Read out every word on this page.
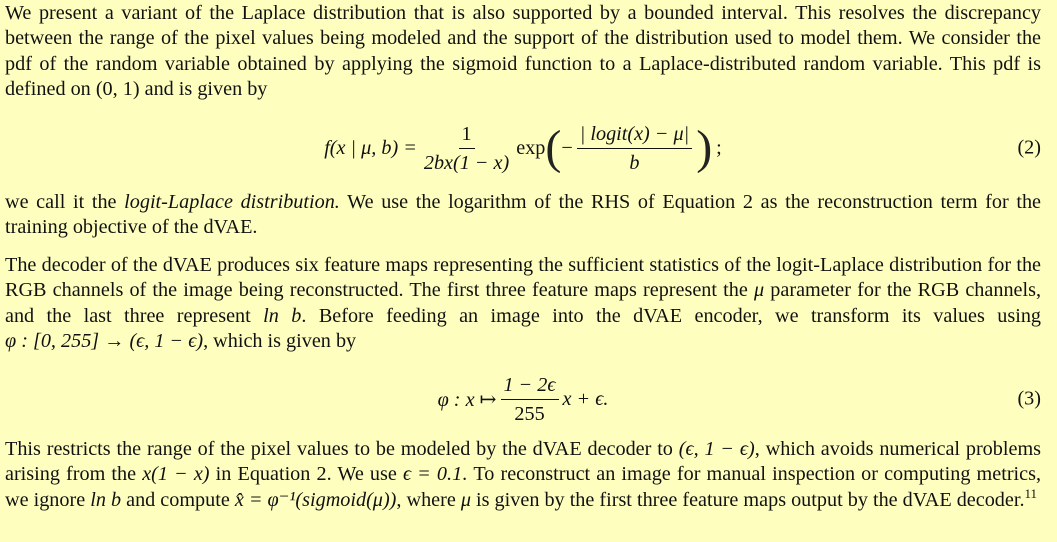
We present a variant of the Laplace distribution that is also supported by a bounded interval. This resolves the discrepancy between the range of the pixel values being modeled and the support of the distribution used to model them. We consider the pdf of the random variable obtained by applying the sigmoid function to a Laplace-distributed random variable. This pdf is defined on (0, 1) and is given by

f(x | μ, $b) = \frac{1}{2bx(1 - x)}$ exp ( − $\frac{\text{| logit(x) − μ|}}{b}$ ) ;	(2)

we call it the logit-Laplace distribution. We use the logarithm of the RHS of Equation 2 as the reconstruction term for the training objective of the dVAE.

The decoder of the dVAE produces six feature maps representing the sufficient statistics of the logit-Laplace distribution for the RGB channels of the image being reconstructed. The first three feature maps represent the μ parameter for the RGB channels, and the last three represent ln b. Before feeding an image into the dVAE encoder, we transform its values using φ : [0, 255] → (ϵ, 1 − ϵ), which is given by

φ : x ↦ $\frac{1 - 2\epsilon}{255}$ x + ϵ.	(3)

This restricts the range of the pixel values to be modeled by the dVAE decoder to (ϵ, 1 − ϵ), which avoids numerical problems arising from the x(1 − x) in Equation 2. We use ϵ = 0.1. To reconstruct an image for manual inspection or computing metrics, we ignore ln b and compute x̂ = φ⁻¹(sigmoid(μ)), where μ is given by the first three feature maps output by the dVAE decoder.$^{11}$
